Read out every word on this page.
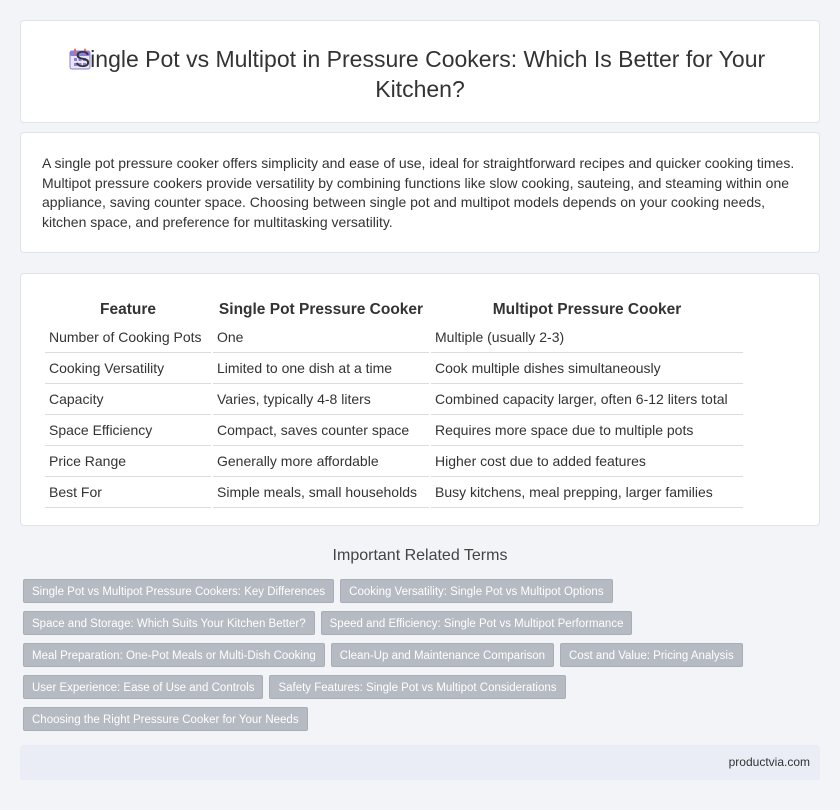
Single Pot vs Multipot in Pressure Cookers: Which Is Better for Your Kitchen?

A single pot pressure cooker offers simplicity and ease of use, ideal for straightforward recipes and quicker cooking times. Multipot pressure cookers provide versatility by combining functions like slow cooking, sauteing, and steaming within one appliance, saving counter space. Choosing between single pot and multipot models depends on your cooking needs, kitchen space, and preference for multitasking versatility.

Feature	Single Pot Pressure Cooker	Multipot Pressure Cooker
Number of Cooking Pots	One	Multiple (usually 2-3)
Cooking Versatility	Limited to one dish at a time	Cook multiple dishes simultaneously
Capacity	Varies, typically 4-8 liters	Combined capacity larger, often 6-12 liters total
Space Efficiency	Compact, saves counter space	Requires more space due to multiple pots
Price Range	Generally more affordable	Higher cost due to added features
Best For	Simple meals, small households	Busy kitchens, meal prepping, larger families
Important Related Terms
Single Pot vs Multipot Pressure Cookers: Key Differences Cooking Versatility: Single Pot vs Multipot Options
Space and Storage: Which Suits Your Kitchen Better? Speed and Efficiency: Single Pot vs Multipot Performance
Meal Preparation: One-Pot Meals or Multi-Dish Cooking Clean-Up and Maintenance Comparison Cost and Value: Pricing Analysis
User Experience: Ease of Use and Controls Safety Features: Single Pot vs Multipot Considerations
Choosing the Right Pressure Cooker for Your Needs
productvia.com
